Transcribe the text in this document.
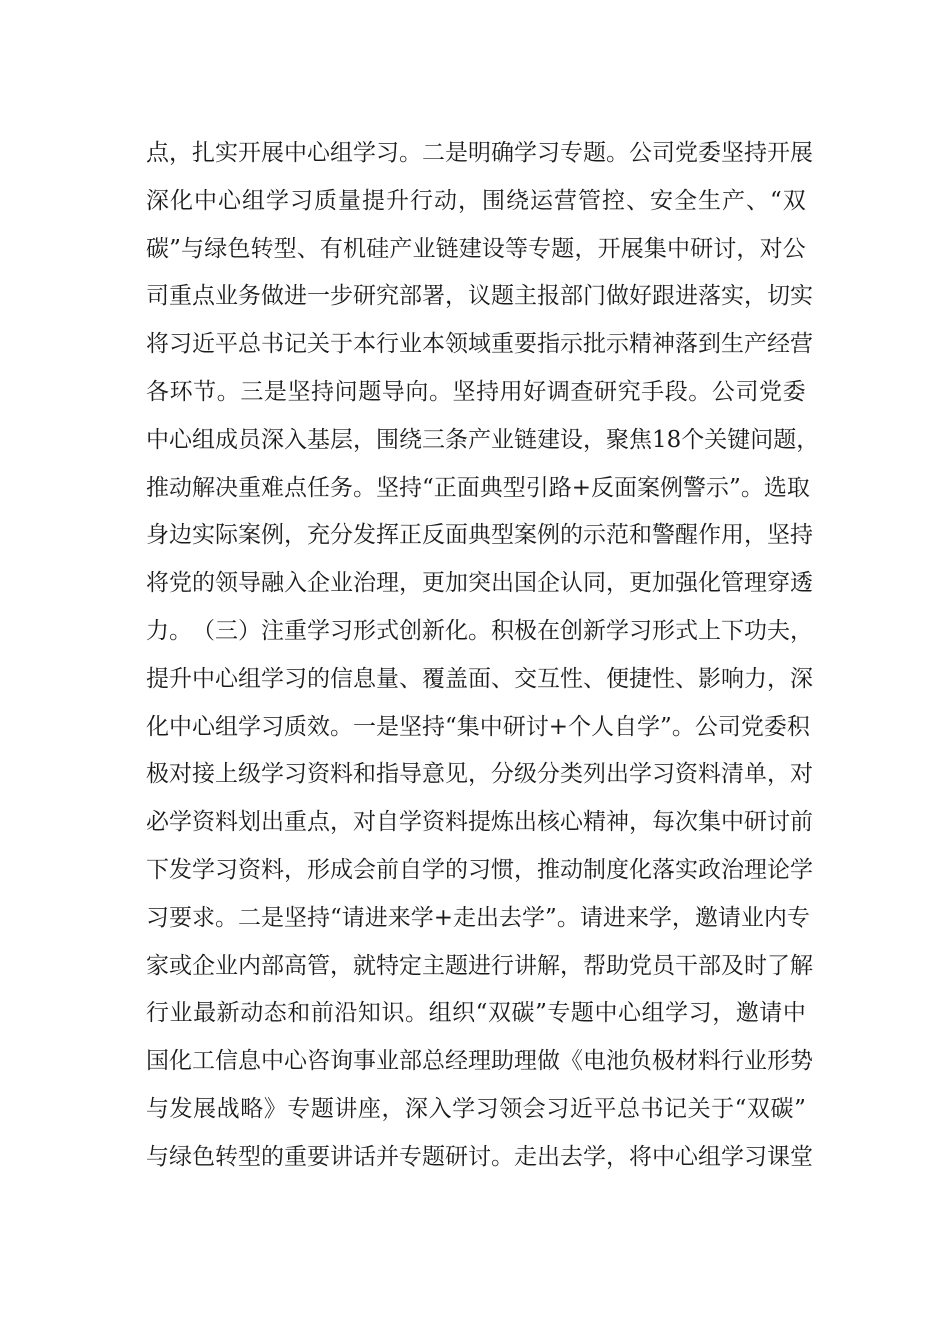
点 ， 扎 实 开 展 中 心 组 学 习 。 二 是 明 确 学 习 专 题 。 公 司 党 委 坚 持 开 展
深 化 中 心 组 学 习 质 量 提 升 行 动 ， 围 绕 运 营 管 控 、 安 全 生 产 、 “ 双
碳 ” 与 绿 色 转 型 、 有 机 硅 产 业 链 建 设 等 专 题 ， 开 展 集 中 研 讨 ， 对 公
司 重 点 业 务 做 进 一 步 研 究 部 署 ， 议 题 主 报 部 门 做 好 跟 进 落 实 ， 切 实
将 习 近 平 总 书 记 关 于 本 行 业 本 领 域 重 要 指 示 批 示 精 神 落 到 生 产 经 营
各 环 节 。 三 是 坚 持 问 题 导 向 。 坚 持 用 好 调 查 研 究 手 段 。 公 司 党 委
中 心 组 成 员 深 入 基 层 ， 围 绕 三 条 产 业 链 建 设 ， 聚 焦 18 个 关 键 问 题 ，
推 动 解 决 重 难 点 任 务 。 坚 持 “ 正 面 典 型 引 路 + 反 面 案 例 警 示 ” 。 选 取
身 边 实 际 案 例 ， 充 分 发 挥 正 反 面 典 型 案 例 的 示 范 和 警 醒 作 用 ， 坚 持
将 党 的 领 导 融 入 企 业 治 理 ， 更 加 突 出 国 企 认 同 ， 更 加 强 化 管 理 穿 透
力 。 （ 三 ） 注 重 学 习 形 式 创 新 化 。 积 极 在 创 新 学 习 形 式 上 下 功 夫 ，
提 升 中 心 组 学 习 的 信 息 量 、 覆 盖 面 、 交 互 性 、 便 捷 性 、 影 响 力 ， 深
化 中 心 组 学 习 质 效 。 一 是 坚 持 “ 集 中 研 讨 + 个 人 自 学 ” 。 公 司 党 委 积
极 对 接 上 级 学 习 资 料 和 指 导 意 见 ， 分 级 分 类 列 出 学 习 资 料 清 单 ， 对
必 学 资 料 划 出 重 点 ， 对 自 学 资 料 提 炼 出 核 心 精 神 ， 每 次 集 中 研 讨 前
下 发 学 习 资 料 ， 形 成 会 前 自 学 的 习 惯 ， 推 动 制 度 化 落 实 政 治 理 论 学
习 要 求 。 二 是 坚 持 “ 请 进 来 学 + 走 出 去 学 ” 。 请 进 来 学 ， 邀 请 业 内 专
家 或 企 业 内 部 高 管 ， 就 特 定 主 题 进 行 讲 解 ， 帮 助 党 员 干 部 及 时 了 解
行 业 最 新 动 态 和 前 沿 知 识 。 组 织 “ 双 碳 ” 专 题 中 心 组 学 习 ， 邀 请 中
国 化 工 信 息 中 心 咨 询 事 业 部 总 经 理 助 理 做 《 电 池 负 极 材 料 行 业 形 势
与 发 展 战 略 》 专 题 讲 座 ， 深 入 学 习 领 会 习 近 平 总 书 记 关 于 “ 双 碳 ”
与 绿 色 转 型 的 重 要 讲 话 并 专 题 研 讨 。 走 出 去 学 ， 将 中 心 组 学 习 课 堂
